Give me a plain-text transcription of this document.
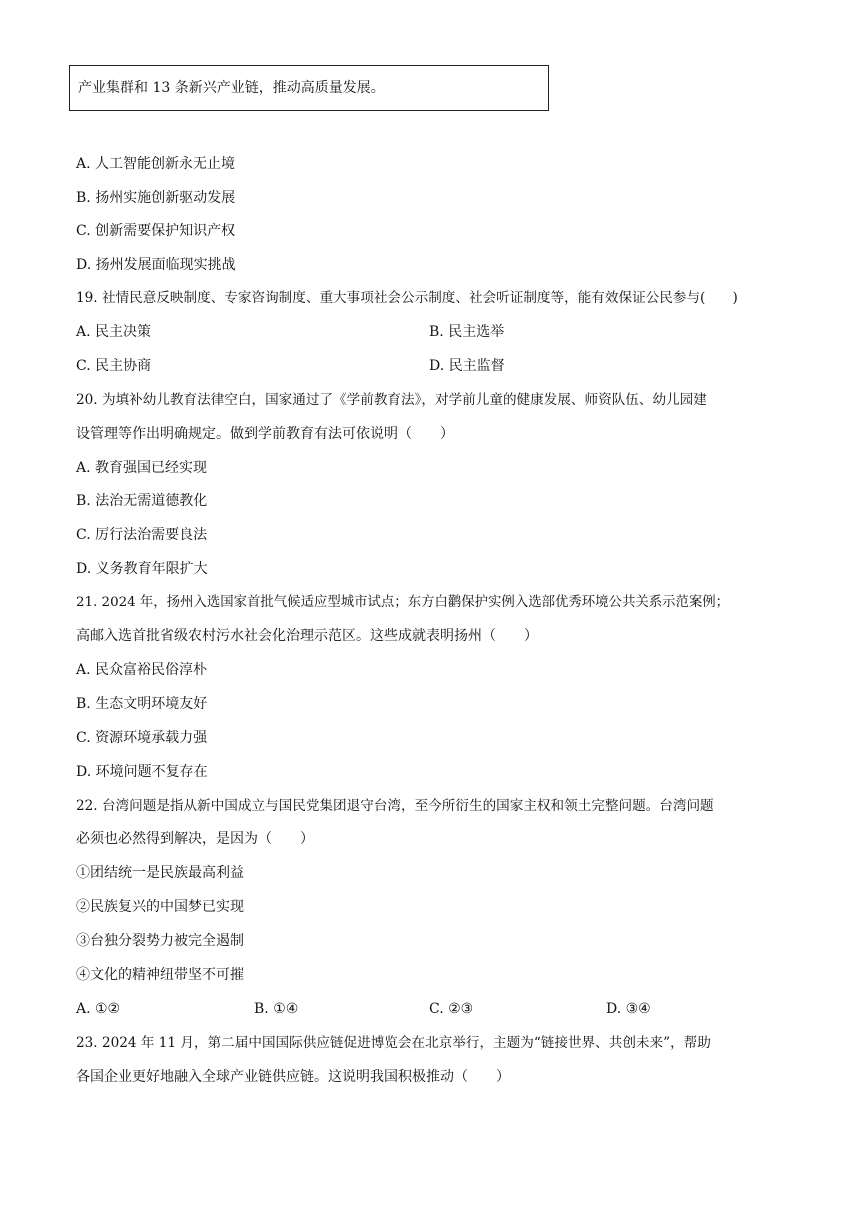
产业集群和 13 条新兴产业链，推动高质量发展。
A. 人工智能创新永无止境
B. 扬州实施创新驱动发展
C. 创新需要保护知识产权
D. 扬州发展面临现实挑战
19. 社情民意反映制度、专家咨询制度、重大事项社会公示制度、社会听证制度等，能有效保证公民参与(　　)
A. 民主决策	B. 民主选举
C. 民主协商	D. 民主监督
20. 为填补幼儿教育法律空白，国家通过了《学前教育法》，对学前儿童的健康发展、师资队伍、幼儿园建
设管理等作出明确规定。做到学前教育有法可依说明（　　）
A. 教育强国已经实现
B. 法治无需道德教化
C. 厉行法治需要良法
D. 义务教育年限扩大
21. 2024 年，扬州入选国家首批气候适应型城市试点；东方白鹳保护实例入选部优秀环境公共关系示范案例；
高邮入选首批省级农村污水社会化治理示范区。这些成就表明扬州（　　）
A. 民众富裕民俗淳朴
B. 生态文明环境友好
C. 资源环境承载力强
D. 环境问题不复存在
22. 台湾问题是指从新中国成立与国民党集团退守台湾，至今所衍生的国家主权和领土完整问题。台湾问题
必须也必然得到解决，是因为（　　）
①团结统一是民族最高利益
②民族复兴的中国梦已实现
③台独分裂势力被完全遏制
④文化的精神纽带坚不可摧
A. ①②	B. ①④	C. ②③	D. ③④
23. 2024 年 11 月，第二届中国国际供应链促进博览会在北京举行，主题为“链接世界、共创未来”，帮助
各国企业更好地融入全球产业链供应链。这说明我国积极推动（　　）
